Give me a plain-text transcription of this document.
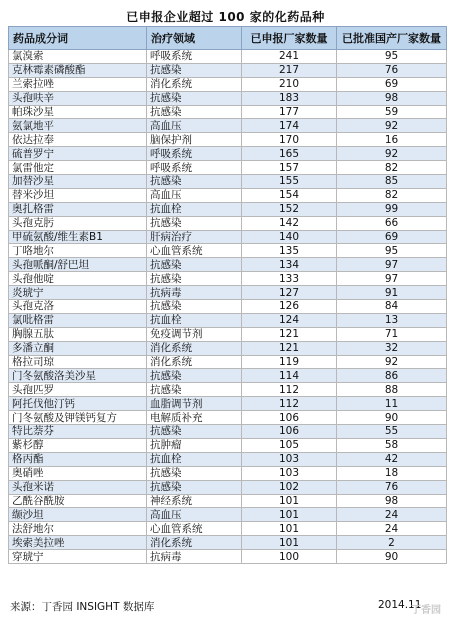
已申报企业超过 100 家的化药品种
药品成分词	治疗领域	已申报厂家数量	已批准国产厂家数量
氯溴索	呼吸系统	241	95
克林霉素磷酸酯	抗感染	217	76
兰索拉唑	消化系统	210	69
头孢呋辛	抗感染	183	98
帕珠沙星	抗感染	177	59
氨氯地平	高血压	174	92
依达拉奉	脑保护剂	170	16
硫普罗宁	呼吸系统	165	92
氯雷他定	呼吸系统	157	82
加替沙星	抗感染	155	85
替米沙坦	高血压	154	82
奥扎格雷	抗血栓	152	99
头孢克肟	抗感染	142	66
甲硫氨酸/维生素B1	肝病治疗	140	69
丁咯地尔	心血管系统	135	95
头孢哌酮/舒巴坦	抗感染	134	97
头孢他啶	抗感染	133	97
炎琥宁	抗病毒	127	91
头孢克洛	抗感染	126	84
氯吡格雷	抗血栓	124	13
胸腺五肽	免疫调节剂	121	71
多潘立酮	消化系统	121	32
格拉司琼	消化系统	119	92
门冬氨酸洛美沙星	抗感染	114	86
头孢匹罗	抗感染	112	88
阿托伐他汀钙	血脂调节剂	112	11
门冬氨酸及钾镁钙复方	电解质补充	106	90
特比萘芬	抗感染	106	55
紫杉醇	抗肿瘤	105	58
格丙酯	抗血栓	103	42
奥硝唑	抗感染	103	18
头孢米诺	抗感染	102	76
乙酰谷酰胺	神经系统	101	98
缬沙坦	高血压	101	24
法舒地尔	心血管系统	101	24
埃索美拉唑	消化系统	101	2
穿琥宁	抗病毒	100	90
来源：丁香园 INSIGHT 数据库	2014.11
丁香园
